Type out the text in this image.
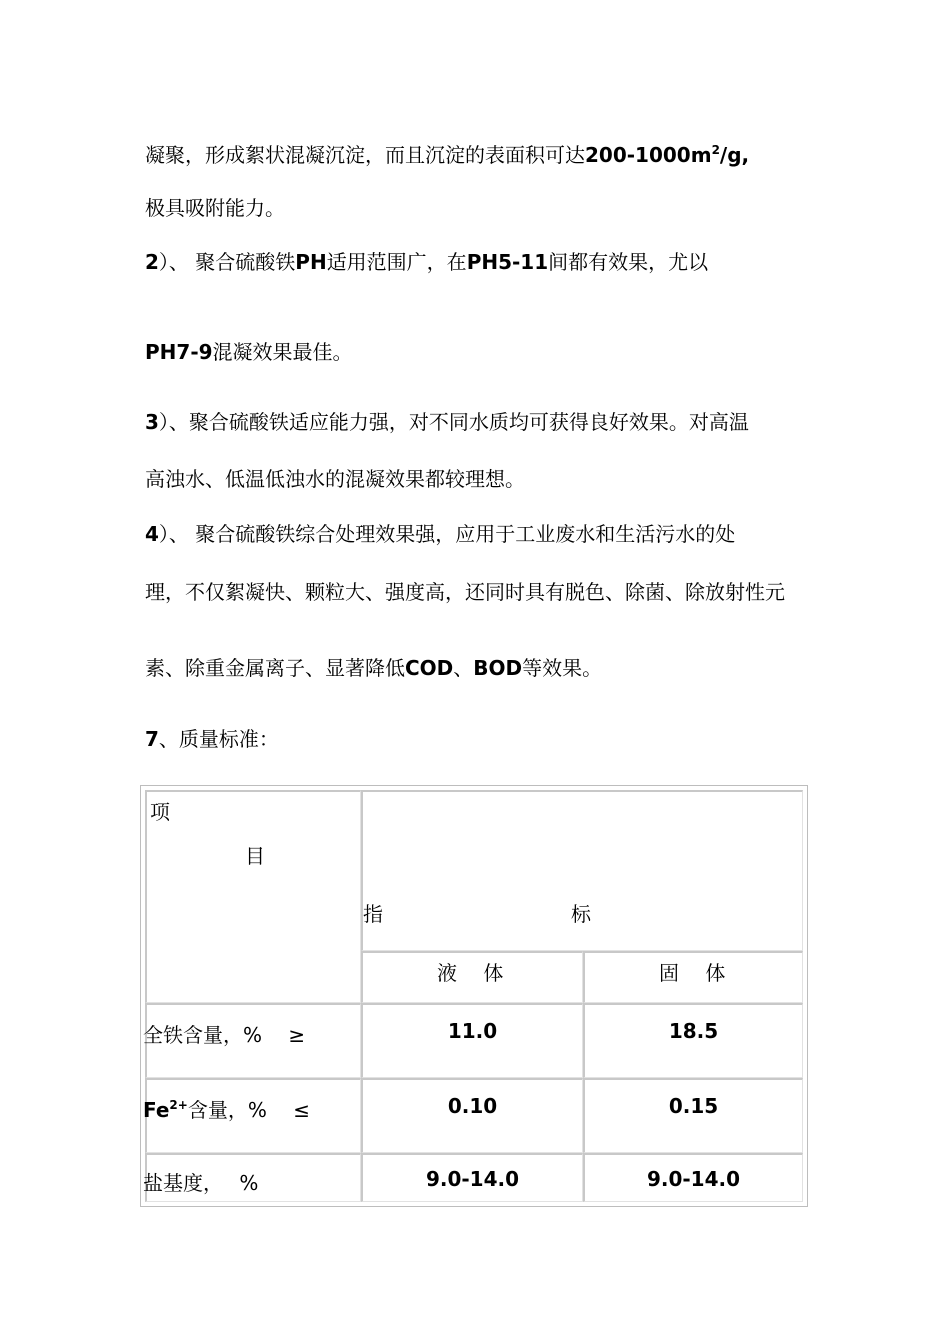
凝聚，形成絮状混凝沉淀，而且沉淀的表面积可达$200-1000m^2/g$,
极具吸附能力。
2）、 聚合硫酸铁PH适用范围广，在PH5-11间都有效果，尤以
PH7-9混凝效果最佳。
3）、聚合硫酸铁适应能力强，对不同水质均可获得良好效果。对高温
高浊水、低温低浊水的混凝效果都较理想。
4）、 聚合硫酸铁综合处理效果强，应用于工业废水和生活污水的处
理，不仅絮凝快、颗粒大、强度高，还同时具有脱色、除菌、除放射性元
素、除重金属离子、显著降低COD、BOD等效果。
7、质量标准：
项
目
指	标
液　 体	固　 体
全铁含量，%　 ≥	11.0	18.5
$Fe^{2+}$含量，%　 ≤	0.10	0.15
盐基度，　 %	9.0-14.0	9.0-14.0
